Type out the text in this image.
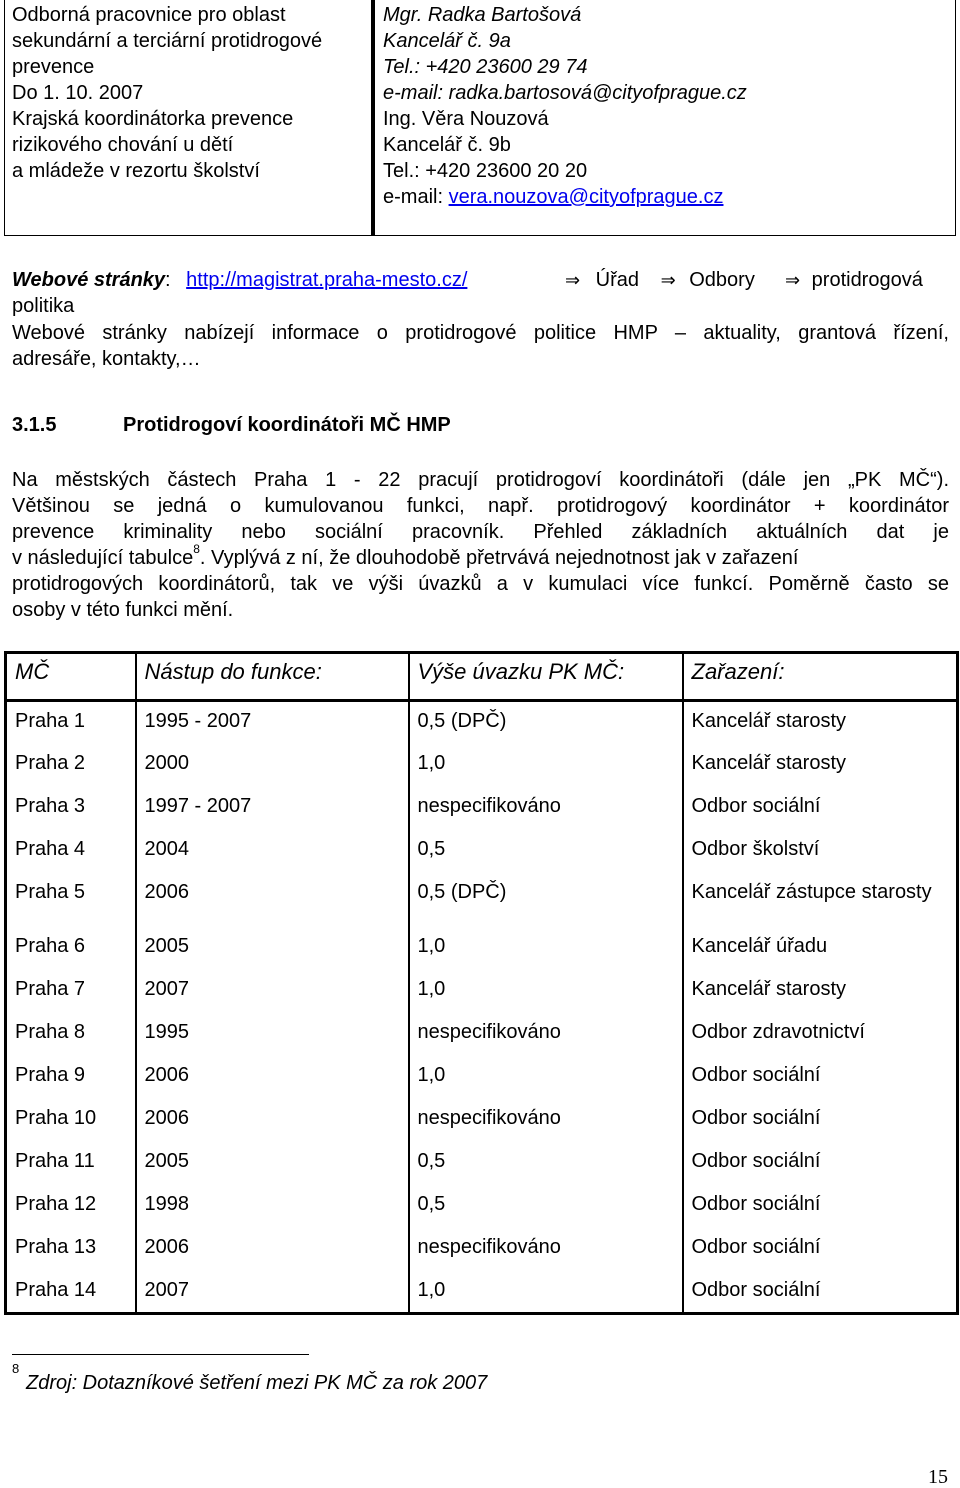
Odborná pracovnice pro oblast
sekundární a terciární protidrogové
prevence
Do 1. 10. 2007
Krajská koordinátorka prevence
rizikového chování u dětí
a mládeže v rezortu školství
Mgr. Radka Bartošová
Kancelář č. 9a
Tel.: +420 23600 29 74
e-mail: radka.bartosová@cityofprague.cz
Ing. Věra Nouzová
Kancelář č. 9b
Tel.: +420 23600 20 20
e-mail: vera.nouzova@cityofprague.cz
Webové stránky: http://magistrat.praha-mesto.cz/	⇒ Úřad ⇒ Odbory ⇒ protidrogová
politika
Webové stránky nabízejí informace o protidrogové politice HMP – aktuality, grantová řízení,
adresáře, kontakty,…
3.1.5	Protidrogoví koordinátoři MČ HMP
Na městských částech Praha 1 - 22 pracují protidrogoví koordinátoři (dále jen „PK MČ“).
Většinou se jedná o kumulovanou funkci, např. protidrogový koordinátor + koordinátor
prevence kriminality nebo sociální pracovník. Přehled základních aktuálních dat je
v následující tabulce$^8$. Vyplývá z ní, že dlouhodobě přetrvává nejednotnost jak v zařazení
protidrogových koordinátorů, tak ve výši úvazků a v kumulaci více funkcí. Poměrně často se
osoby v této funkci mění.
MČ	Nástup do funkce:	Výše úvazku PK MČ:	Zařazení:
Praha 1	1995 - 2007	0,5 (DPČ)	Kancelář starosty
Praha 2	2000	1,0	Kancelář starosty
Praha 3	1997 - 2007	nespecifikováno	Odbor sociální
Praha 4	2004	0,5	Odbor školství
Praha 5	2006	0,5 (DPČ)	Kancelář zástupce starosty
Praha 6	2005	1,0	Kancelář úřadu
Praha 7	2007	1,0	Kancelář starosty
Praha 8	1995	nespecifikováno	Odbor zdravotnictví
Praha 9	2006	1,0	Odbor sociální
Praha 10	2006	nespecifikováno	Odbor sociální
Praha 11	2005	0,5	Odbor sociální
Praha 12	1998	0,5	Odbor sociální
Praha 13	2006	nespecifikováno	Odbor sociální
Praha 14	2007	1,0	Odbor sociální
8
Zdroj: Dotazníkové šetření mezi PK MČ za rok 2007
15
